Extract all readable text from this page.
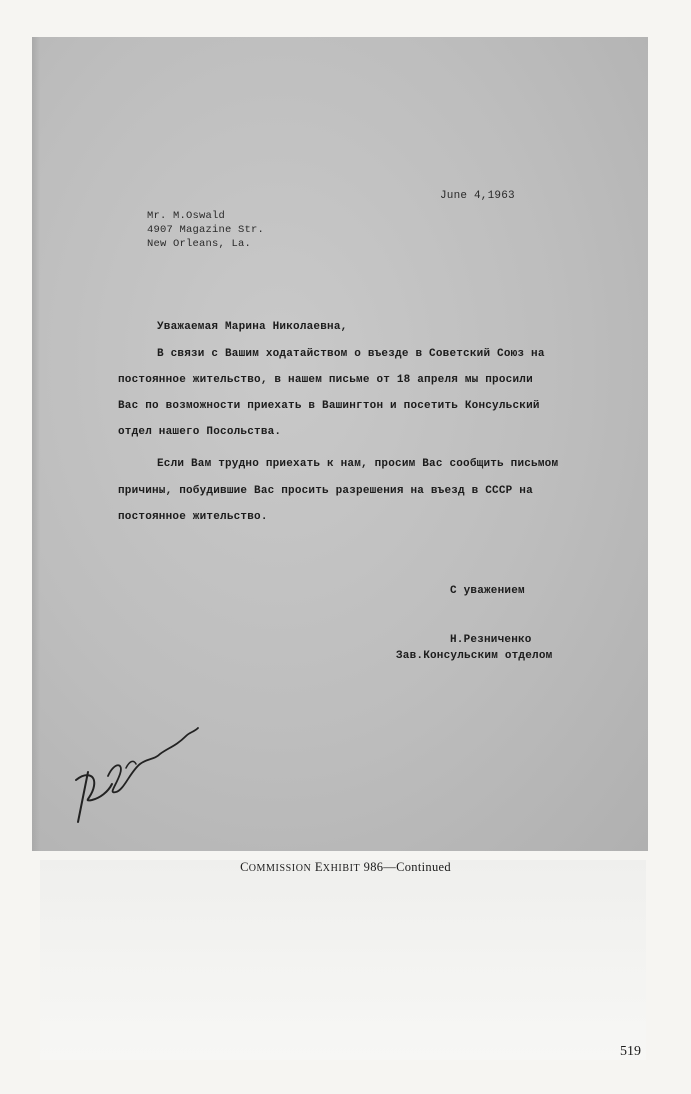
June 4,1963
Mr. M.Oswald
4907 Magazine Str.
New Orleans, La.
Уважаемая Марина Николаевна,
В связи с Вашим ходатайством о въезде в Советский Союз на
постоянное жительство, в нашем письме от 18 апреля мы просили
Вас по возможности приехать в Вашингтон и посетить Консульский
отдел нашего Посольства.
Если Вам трудно приехать к нам, просим Вас сообщить письмом
причины, побудившие Вас просить разрешения на въезд в СССР на
постоянное жительство.
С уважением
Н.Резниченко
Зав.Консульским отделом
COMMISSION EXHIBIT 986—Continued
519
